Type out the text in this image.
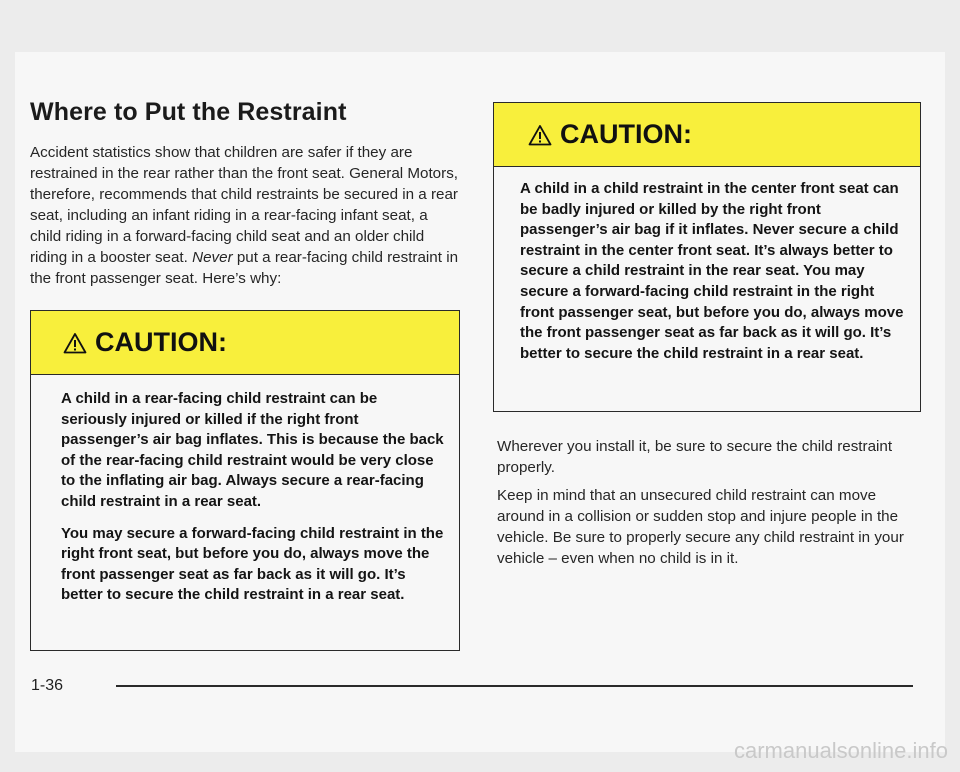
Where to Put the Restraint

Accident statistics show that children are safer if they are restrained in the rear rather than the front seat. General Motors, therefore, recommends that child restraints be secured in a rear seat, including an infant riding in a rear-facing infant seat, a child riding in a forward-facing child seat and an older child riding in a booster seat. Never put a rear-facing child restraint in the front passenger seat. Here’s why:

CAUTION:

A child in a rear-facing child restraint can be seriously injured or killed if the right front passenger’s air bag inflates. This is because the back of the rear-facing child restraint would be very close to the inflating air bag. Always secure a rear-facing child restraint in a rear seat.

You may secure a forward-facing child restraint in the right front seat, but before you do, always move the front passenger seat as far back as it will go. It’s better to secure the child restraint in a rear seat.

CAUTION:

A child in a child restraint in the center front seat can be badly injured or killed by the right front passenger’s air bag if it inflates. Never secure a child restraint in the center front seat. It’s always better to secure a child restraint in the rear seat. You may secure a forward-facing child restraint in the right front passenger seat, but before you do, always move the front passenger seat as far back as it will go. It’s better to secure the child restraint in a rear seat.

Wherever you install it, be sure to secure the child restraint properly.

Keep in mind that an unsecured child restraint can move around in a collision or sudden stop and injure people in the vehicle. Be sure to properly secure any child restraint in your vehicle – even when no child is in it.

1-36
carmanualsonline.info
